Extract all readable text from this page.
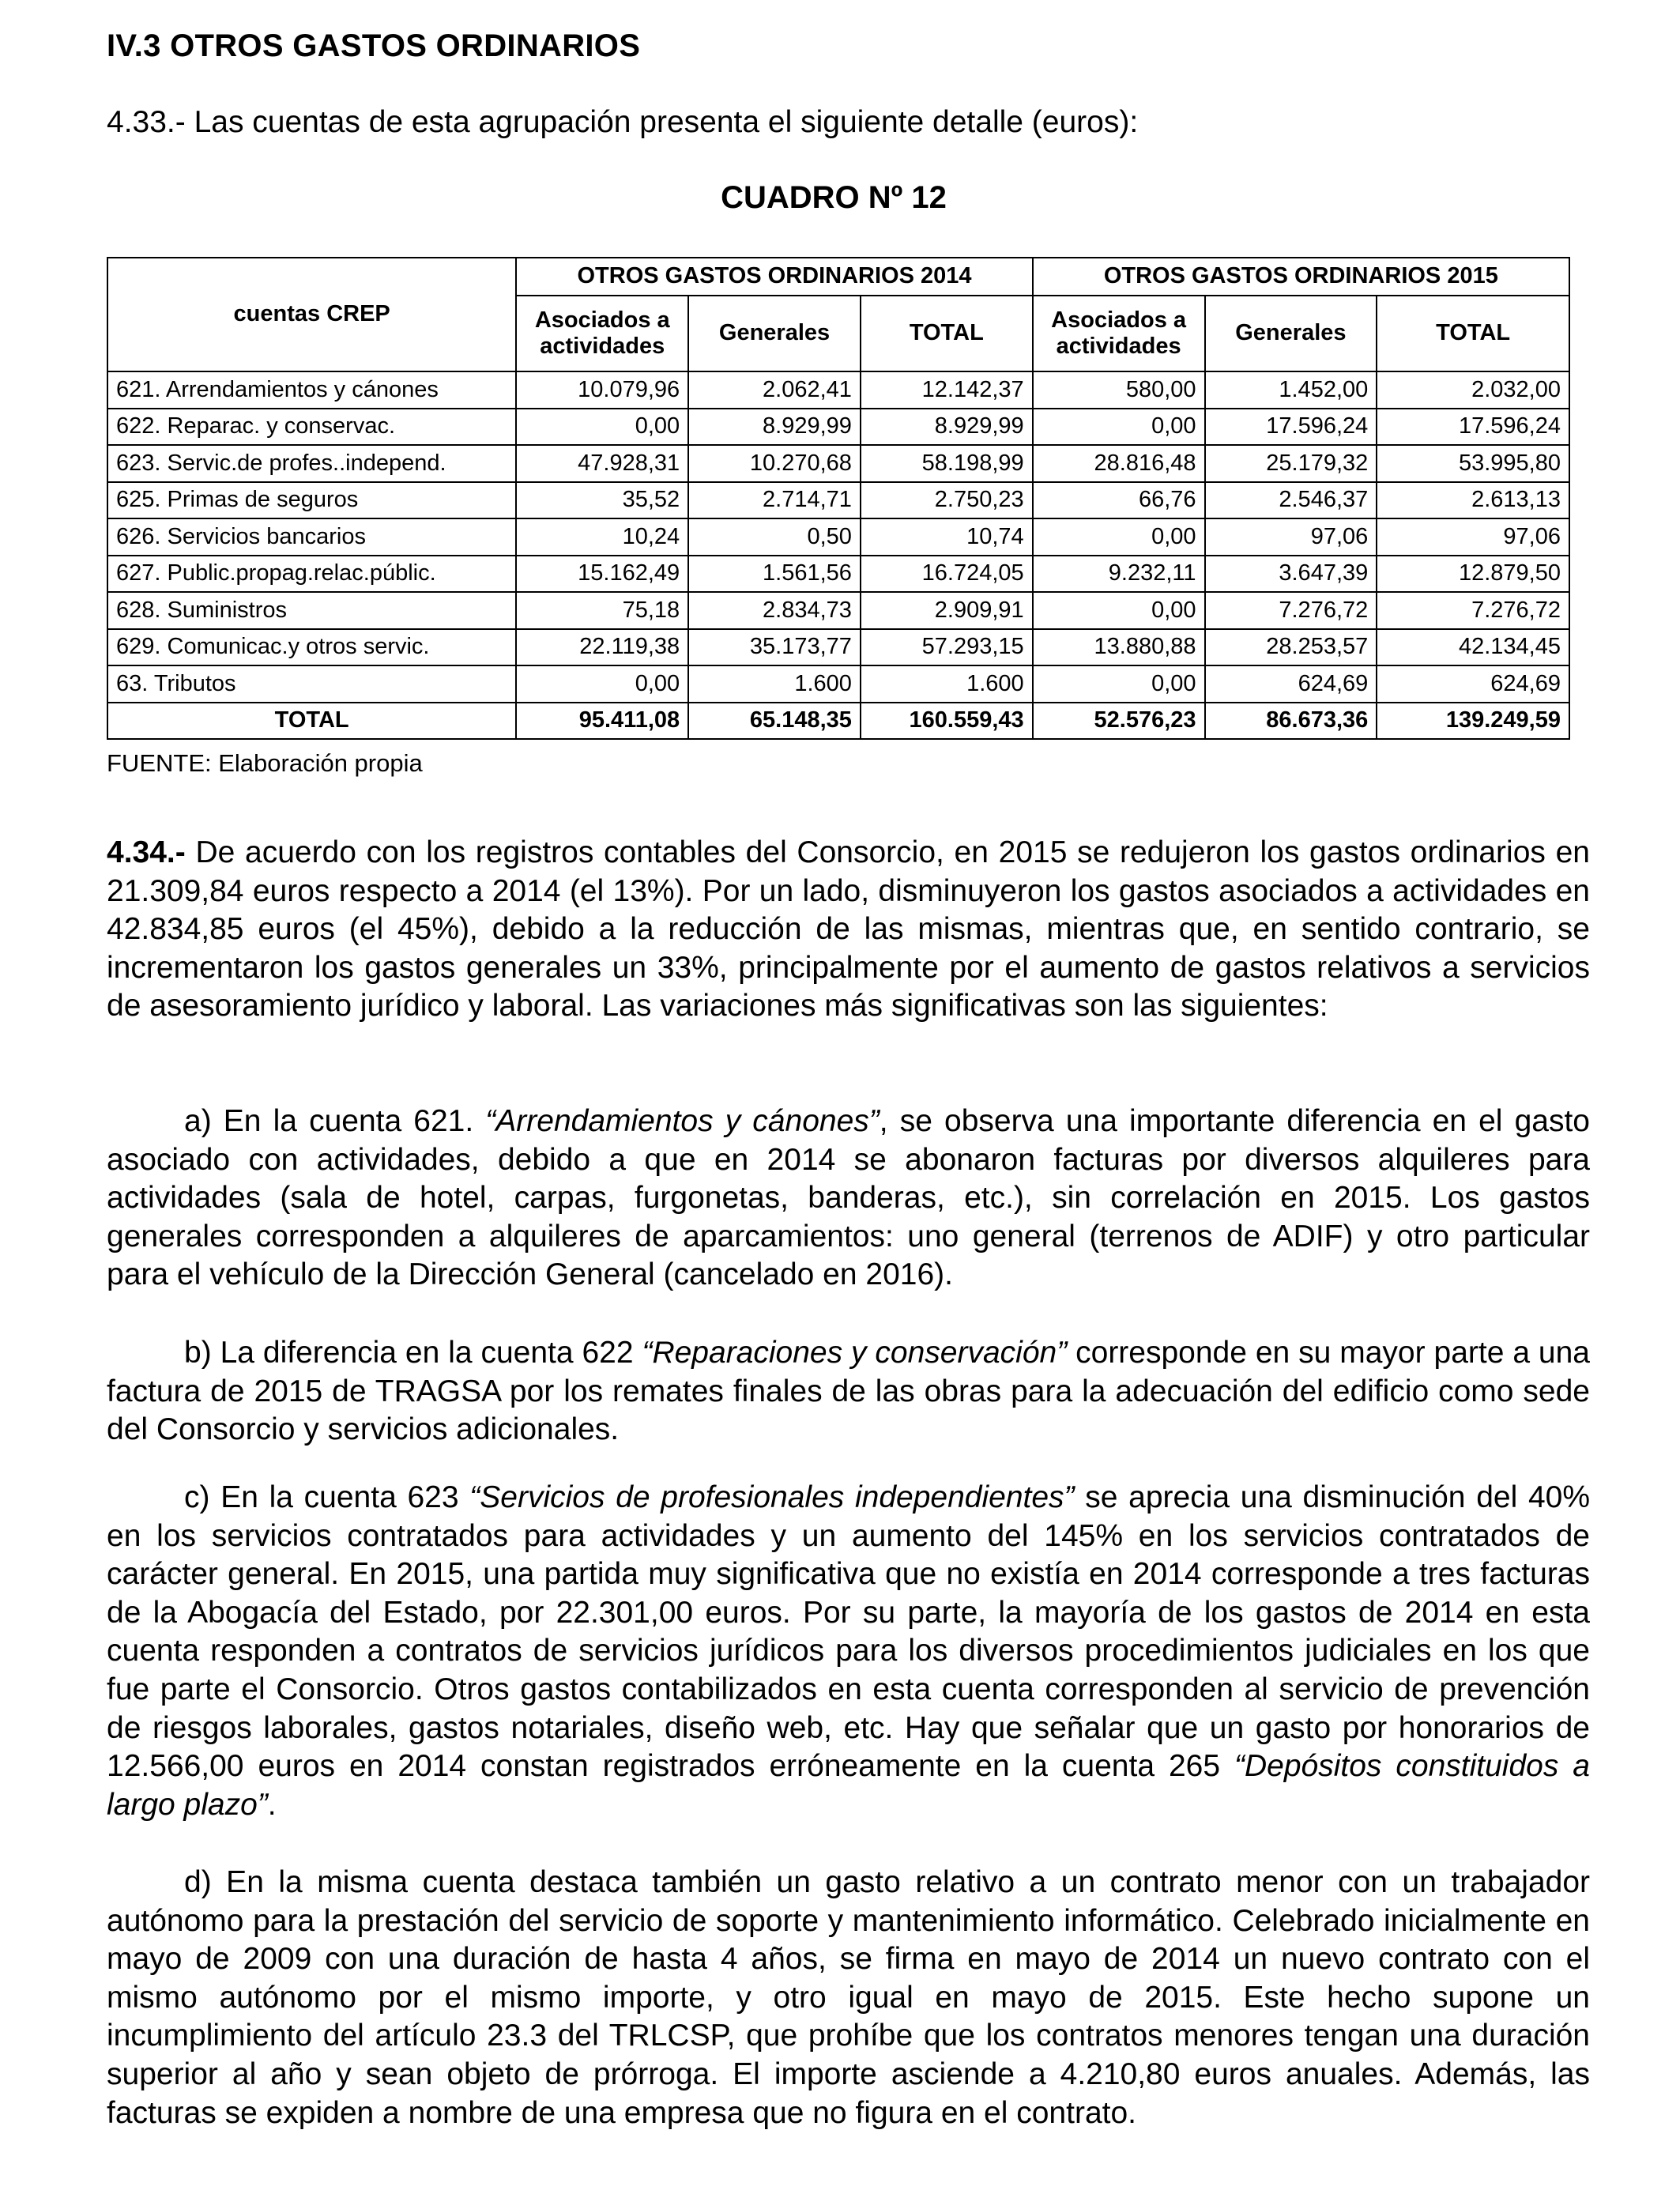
IV.3 OTROS GASTOS ORDINARIOS
4.33.- Las cuentas de esta agrupación presenta el siguiente detalle (euros):
CUADRO Nº 12
cuentas CREP	OTROS GASTOS ORDINARIOS 2014			OTROS GASTOS ORDINARIOS 2015		
	Asociados a actividades	Generales	TOTAL	Asociados a actividades	Generales	TOTAL
621. Arrendamientos y cánones	10.079,96	2.062,41	12.142,37	580,00	1.452,00	2.032,00
622. Reparac. y conservac.	0,00	8.929,99	8.929,99	0,00	17.596,24	17.596,24
623. Servic.de profes..independ.	47.928,31	10.270,68	58.198,99	28.816,48	25.179,32	53.995,80
625. Primas de seguros	35,52	2.714,71	2.750,23	66,76	2.546,37	2.613,13
626. Servicios bancarios	10,24	0,50	10,74	0,00	97,06	97,06
627. Public.propag.relac.públic.	15.162,49	1.561,56	16.724,05	9.232,11	3.647,39	12.879,50
628. Suministros	75,18	2.834,73	2.909,91	0,00	7.276,72	7.276,72
629. Comunicac.y otros servic.	22.119,38	35.173,77	57.293,15	13.880,88	28.253,57	42.134,45
63. Tributos	0,00	1.600	1.600	0,00	624,69	624,69
TOTAL	95.411,08	65.148,35	160.559,43	52.576,23	86.673,36	139.249,59
FUENTE: Elaboración propia
4.34.- De acuerdo con los registros contables del Consorcio, en 2015 se redujeron los gastos ordinarios en 21.309,84 euros respecto a 2014 (el 13%). Por un lado, disminuyeron los gastos asociados a actividades en 42.834,85 euros (el 45%), debido a la reducción de las mismas, mientras que, en sentido contrario, se incrementaron los gastos generales un 33%, principalmente por el aumento de gastos relativos a servicios de asesoramiento jurídico y laboral. Las variaciones más significativas son las siguientes:
a) En la cuenta 621. “Arrendamientos y cánones”, se observa una importante diferencia en el gasto asociado con actividades, debido a que en 2014 se abonaron facturas por diversos alquileres para actividades (sala de hotel, carpas, furgonetas, banderas, etc.), sin correlación en 2015. Los gastos generales corresponden a alquileres de aparcamientos: uno general (terrenos de ADIF) y otro particular para el vehículo de la Dirección General (cancelado en 2016).
b) La diferencia en la cuenta 622 “Reparaciones y conservación” corresponde en su mayor parte a una factura de 2015 de TRAGSA por los remates finales de las obras para la adecuación del edificio como sede del Consorcio y servicios adicionales.
c) En la cuenta 623 “Servicios de profesionales independientes” se aprecia una disminución del 40% en los servicios contratados para actividades y un aumento del 145% en los servicios contratados de carácter general. En 2015, una partida muy significativa que no existía en 2014 corresponde a tres facturas de la Abogacía del Estado, por 22.301,00 euros. Por su parte, la mayoría de los gastos de 2014 en esta cuenta responden a contratos de servicios jurídicos para los diversos procedimientos judiciales en los que fue parte el Consorcio. Otros gastos contabilizados en esta cuenta corresponden al servicio de prevención de riesgos laborales, gastos notariales, diseño web, etc. Hay que señalar que un gasto por honorarios de 12.566,00 euros en 2014 constan registrados erróneamente en la cuenta 265 “Depósitos constituidos a largo plazo”.
d) En la misma cuenta destaca también un gasto relativo a un contrato menor con un trabajador autónomo para la prestación del servicio de soporte y mantenimiento informático. Celebrado inicialmente en mayo de 2009 con una duración de hasta 4 años, se firma en mayo de 2014 un nuevo contrato con el mismo autónomo por el mismo importe, y otro igual en mayo de 2015. Este hecho supone un incumplimiento del artículo 23.3 del TRLCSP, que prohíbe que los contratos menores tengan una duración superior al año y sean objeto de prórroga. El importe asciende a 4.210,80 euros anuales. Además, las facturas se expiden a nombre de una empresa que no figura en el contrato.
